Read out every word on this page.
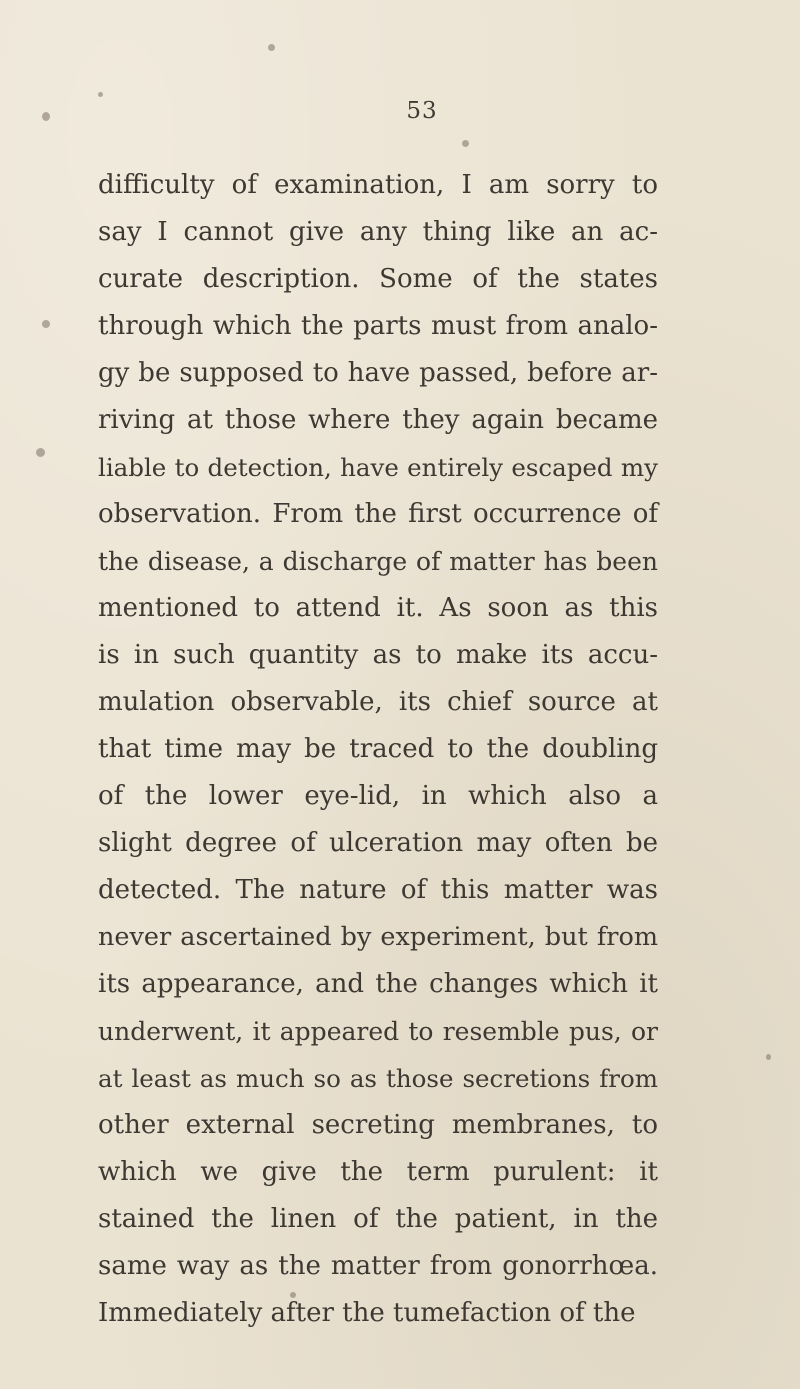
53
difficulty of examination, I am sorry to
say I cannot give any thing like an ac-
curate description. Some of the states
through which the parts must from analo-
gy be supposed to have passed, before ar-
riving at those where they again became
liable to detection, have entirely escaped my
observation. From the first occurrence of
the disease, a discharge of matter has been
mentioned to attend it. As soon as this
is in such quantity as to make its accu-
mulation observable, its chief source at
that time may be traced to the doubling
of the lower eye-lid, in which also a
slight degree of ulceration may often be
detected. The nature of this matter was
never ascertained by experiment, but from
its appearance, and the changes which it
underwent, it appeared to resemble pus, or
at least as much so as those secretions from
other external secreting membranes, to
which we give the term purulent: it
stained the linen of the patient, in the
same way as the matter from gonorrhœa.
Immediately after the tumefaction of the
